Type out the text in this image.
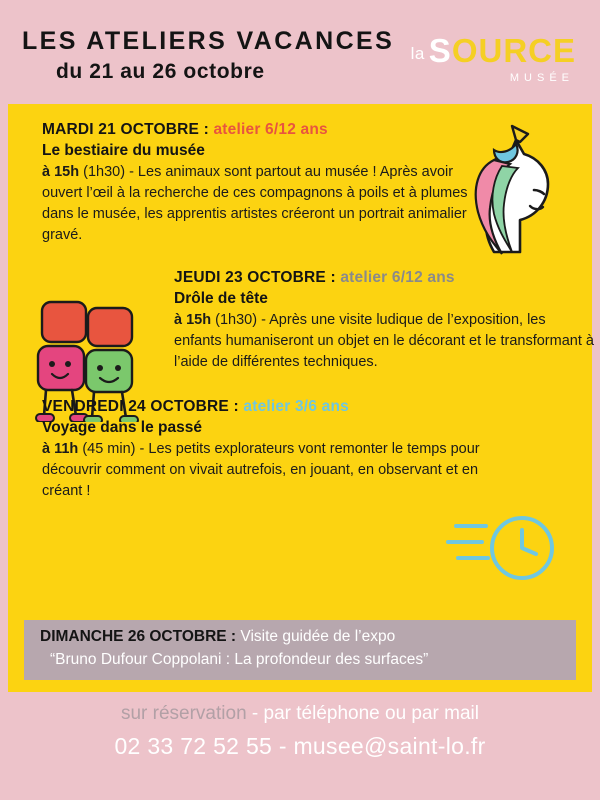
LES ATELIERS VACANCES
du 21 au 26 octobre
la SOURCE
MUSÉE
MARDI 21 OCTOBRE : atelier 6/12 ans
Le bestiaire du musée
à 15h (1h30) - Les animaux sont partout au musée ! Après avoir ouvert l’œil à la recherche de ces compagnons à poils et à plumes dans le musée, les apprentis artistes créeront un portrait animalier gravé.
JEUDI 23 OCTOBRE : atelier 6/12 ans
Drôle de tête
à 15h (1h30) - Après une visite ludique de l’exposition, les enfants humaniseront un objet en le décorant et le transformant à l’aide de différentes techniques.
VENDREDI 24 OCTOBRE : atelier 3/6 ans
Voyage dans le passé
à 11h (45 min) - Les petits explorateurs vont remonter le temps pour découvrir comment on vivait autrefois, en jouant, en observant et en créant !
DIMANCHE 26 OCTOBRE : Visite guidée de l’expo
“Bruno Dufour Coppolani : La profondeur des surfaces”
sur réservation - par téléphone ou par mail
02 33 72 52 55 - musee@saint-lo.fr
